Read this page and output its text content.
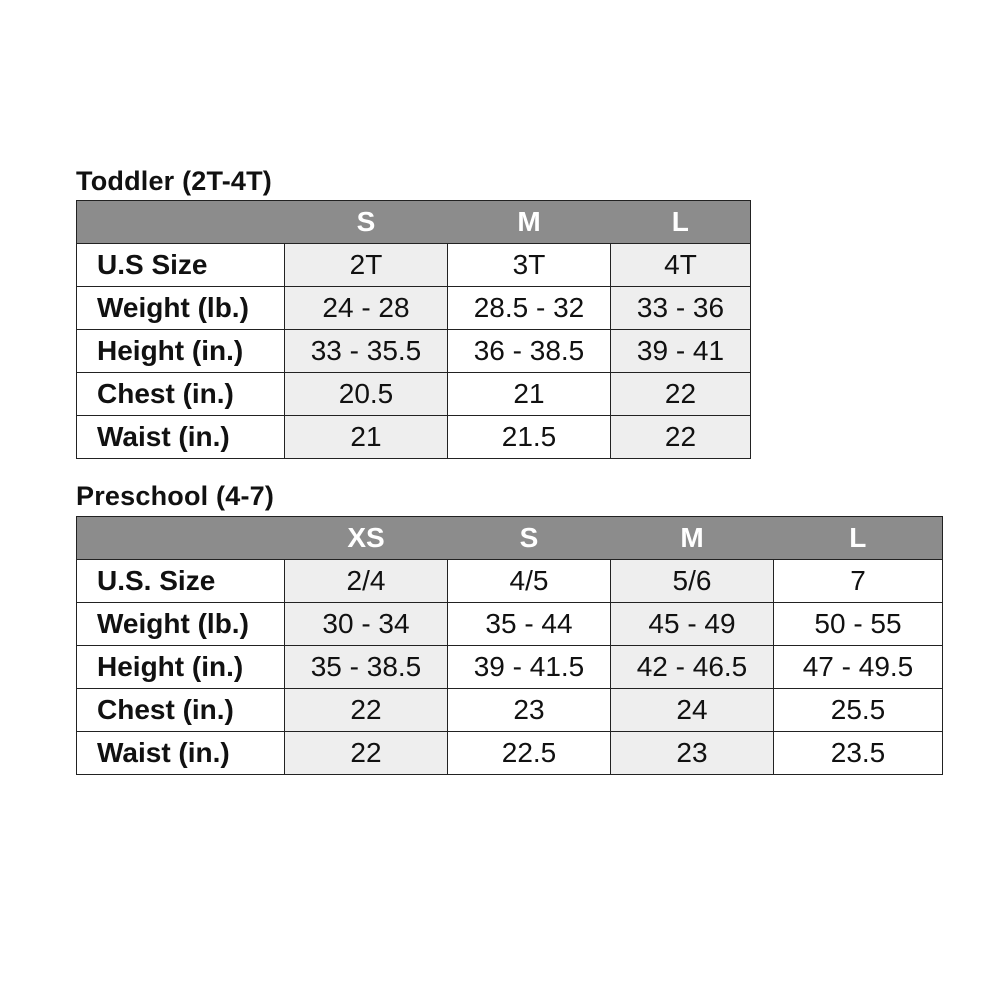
Toddler (2T-4T)
	S	M	L
U.S Size	2T	3T	4T
Weight (lb.)	24 - 28	28.5 - 32	33 - 36
Height (in.)	33 - 35.5	36 - 38.5	39 - 41
Chest (in.)	20.5	21	22
Waist (in.)	21	21.5	22
Preschool (4-7)
	XS	S	M	L
U.S. Size	2/4	4/5	5/6	7
Weight (lb.)	30 - 34	35 - 44	45 - 49	50 - 55
Height (in.)	35 - 38.5	39 - 41.5	42 - 46.5	47 - 49.5
Chest (in.)	22	23	24	25.5
Waist (in.)	22	22.5	23	23.5
